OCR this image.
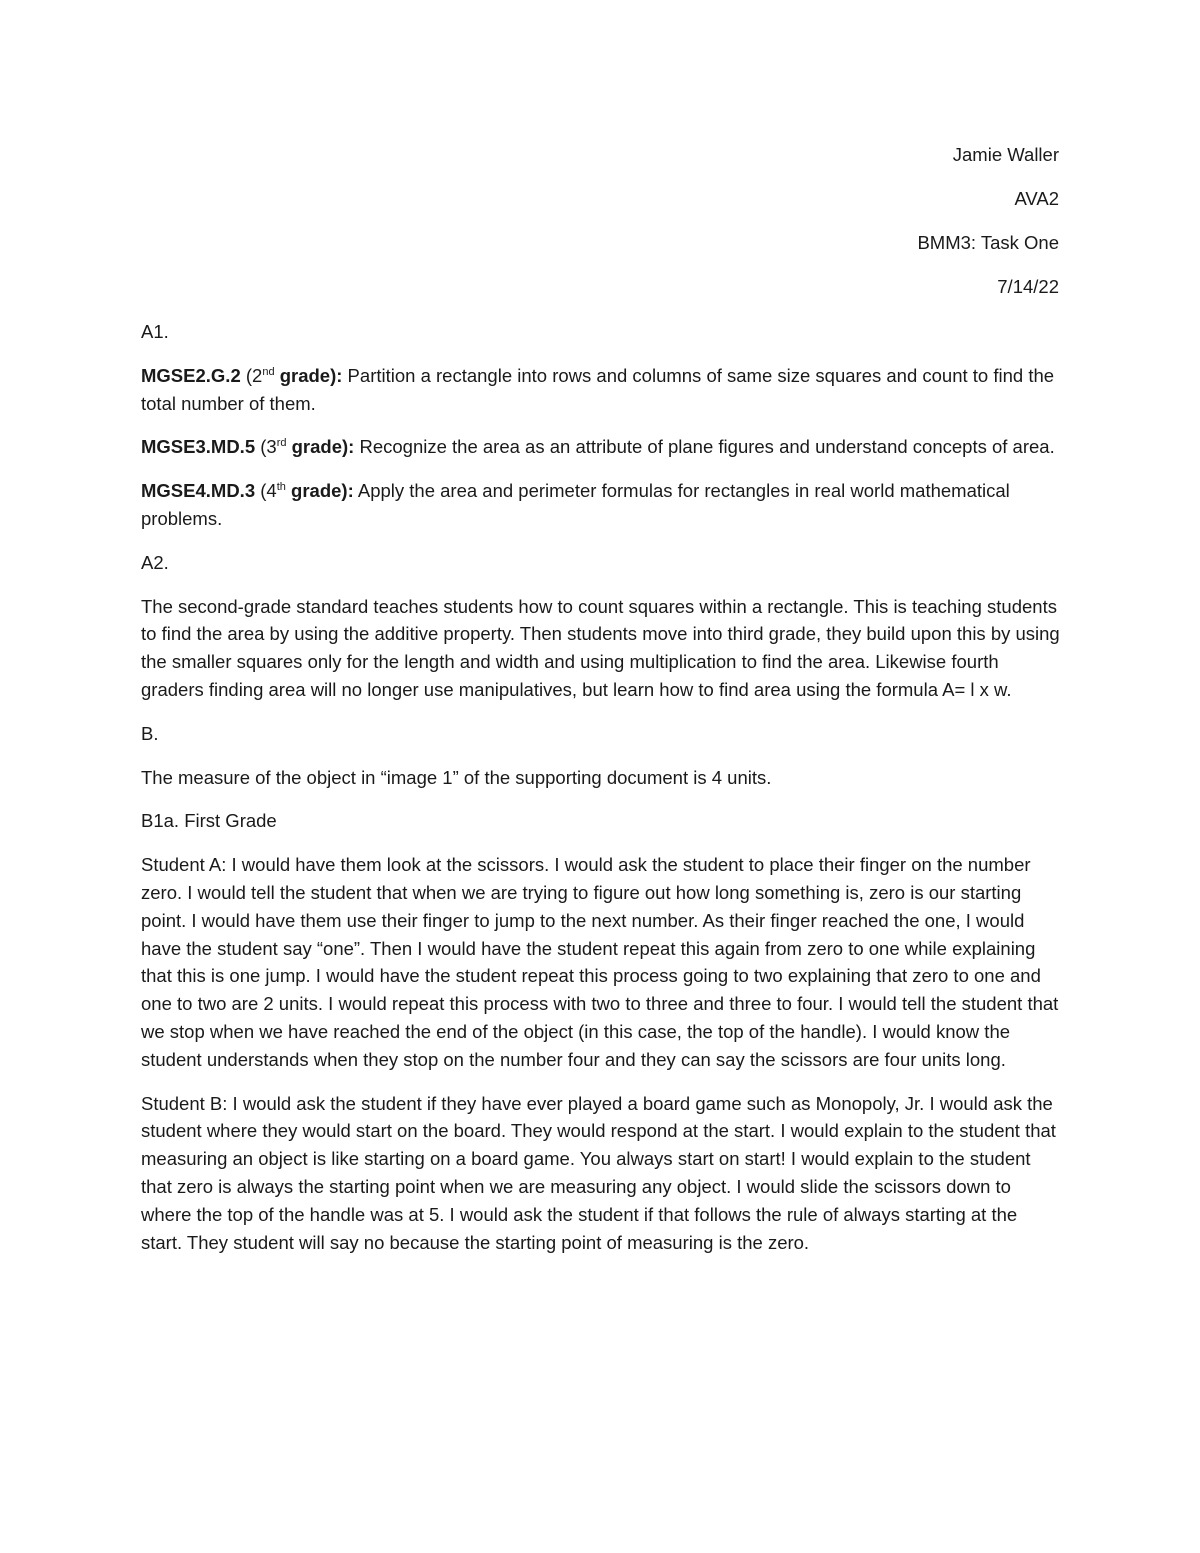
Jamie Waller

AVA2

BMM3: Task One

7/14/22

A1.

MGSE2.G.2 (2nd grade): Partition a rectangle into rows and columns of same size squares and count to find the total number of them.

MGSE3.MD.5 (3rd grade): Recognize the area as an attribute of plane figures and understand concepts of area.

MGSE4.MD.3 (4th grade): Apply the area and perimeter formulas for rectangles in real world mathematical problems.

A2.

The second-grade standard teaches students how to count squares within a rectangle. This is teaching students to find the area by using the additive property. Then students move into third grade, they build upon this by using the smaller squares only for the length and width and using multiplication to find the area. Likewise fourth graders finding area will no longer use manipulatives, but learn how to find area using the formula A= l x w.

B.

The measure of the object in “image 1” of the supporting document is 4 units.

B1a. First Grade

Student A: I would have them look at the scissors. I would ask the student to place their finger on the number zero. I would tell the student that when we are trying to figure out how long something is, zero is our starting point. I would have them use their finger to jump to the next number. As their finger reached the one, I would have the student say “one”. Then I would have the student repeat this again from zero to one while explaining that this is one jump. I would have the student repeat this process going to two explaining that zero to one and one to two are 2 units. I would repeat this process with two to three and three to four. I would tell the student that we stop when we have reached the end of the object (in this case, the top of the handle). I would know the student understands when they stop on the number four and they can say the scissors are four units long.

Student B: I would ask the student if they have ever played a board game such as Monopoly, Jr. I would ask the student where they would start on the board. They would respond at the start. I would explain to the student that measuring an object is like starting on a board game. You always start on start! I would explain to the student that zero is always the starting point when we are measuring any object. I would slide the scissors down to where the top of the handle was at 5. I would ask the student if that follows the rule of always starting at the start. They student will say no because the starting point of measuring is the zero.
